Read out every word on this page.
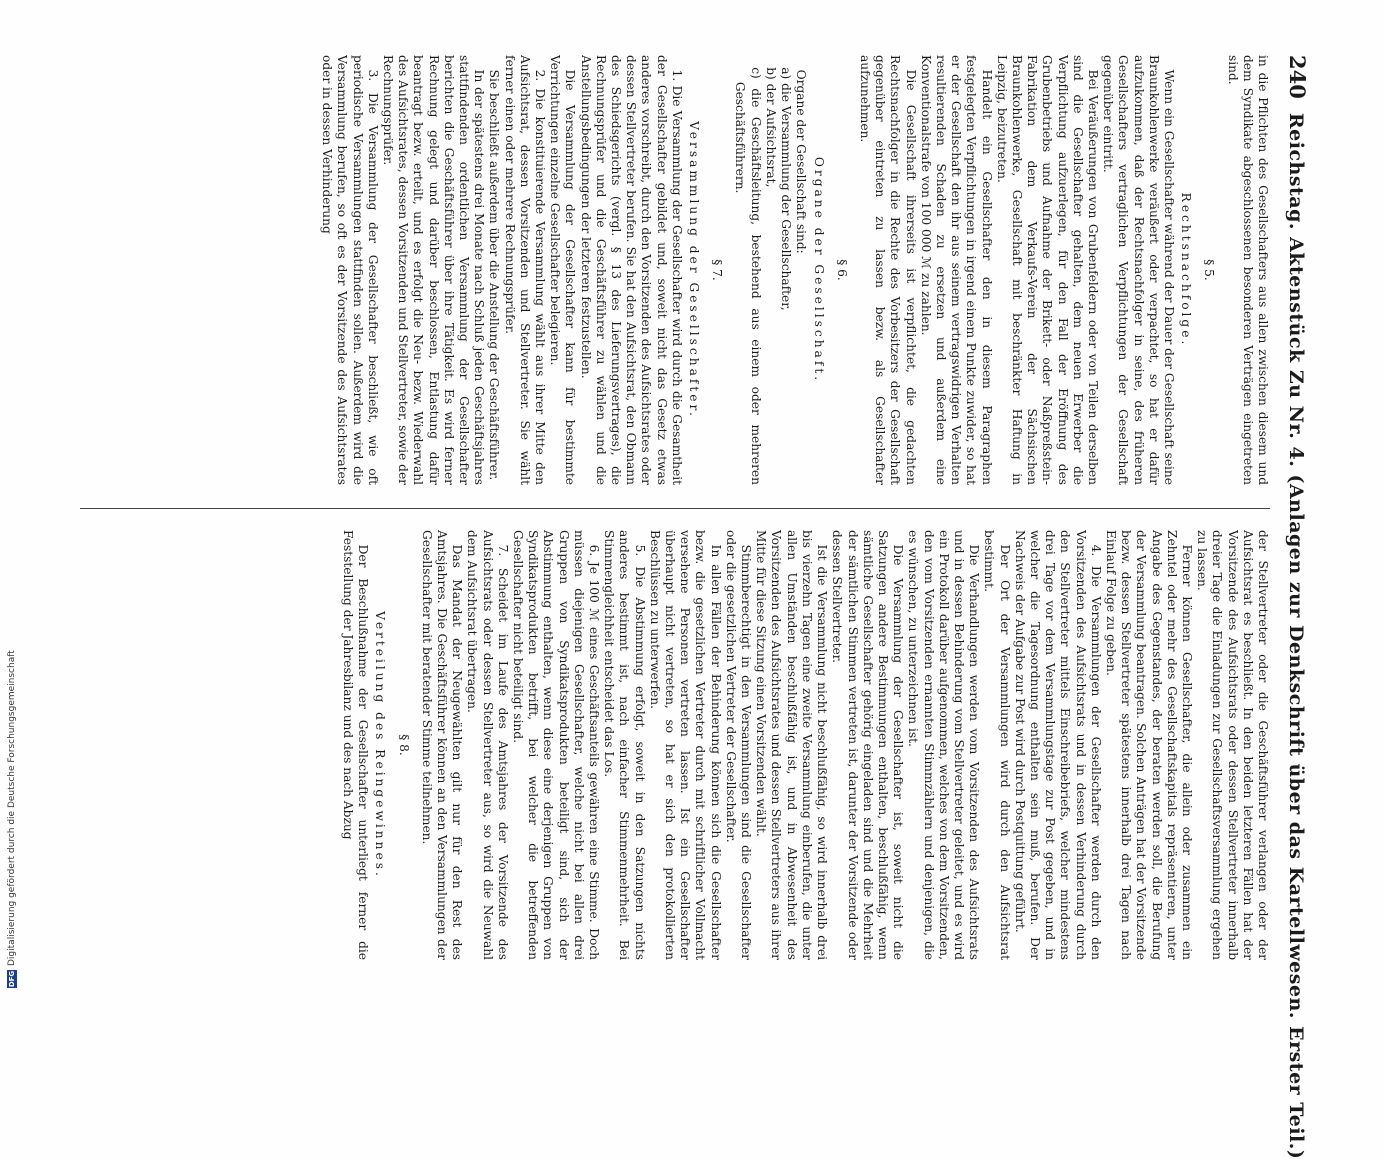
240
Reichstag. Aktenstück Zu Nr. 4. (Anlagen zur Denkschrift über das Kartellwesen. Erster Teil.)

in die Pflichten des Gesellschafters aus allen zwischen diesem und dem Syndikate abgeschlossenen besonderen Verträgen eingetreten sind.

§ 5.
Rechtsnachfolge.

Wenn ein Gesellschafter während der Dauer der Gesellschaft seine Braunkohlenwerke veräußert oder verpachtet, so hat er dafür aufzukommen, daß der Rechtsnachfolger in seine, des früheren Gesellschafters vertraglichen Verpflichtungen der Gesellschaft gegenüber eintritt.

Bei Veräußerungen von Grubenfeldern oder von Teilen derselben sind die Gesellschafter gehalten, dem neuen Erwerber die Verpflichtung aufzuerlegen, für den Fall der Eröffnung des Grubenbetriebs und Aufnahme der Brikett- oder Naßpreßstein-Fabrikation dem Verkaufs-Verein der Sächsischen Braunkohlenwerke, Gesellschaft mit beschränkter Haftung in Leipzig, beizutreten.

Handelt ein Gesellschafter den in diesem Paragraphen festgelegten Verpflichtungen in irgend einem Punkte zuwider, so hat er der Gesellschaft den ihr aus seinem vertragswidrigen Verhalten resultierenden Schaden zu ersetzen und außerdem eine Konventionalstrafe von 100 000 ℳ zu zahlen.

Die Gesellschaft ihrerseits ist verpflichtet, die gedachten Rechtsnachfolger in die Rechte des Vorbesitzers der Gesellschaft gegenüber eintreten zu lassen bezw. als Gesellschafter aufzunehmen.

§ 6.
Organe der Gesellschaft.

Organe der Gesellschaft sind:

a) die Versammlung der Gesellschafter,

b) der Aufsichtsrat,

c) die Geschäftsleitung, bestehend aus einem oder mehreren Geschäftsführern.

§ 7.
Versammlung der Gesellschafter.

1. Die Versammlung der Gesellschafter wird durch die Gesamtheit der Gesellschafter gebildet und, soweit nicht das Gesetz etwas anderes vorschreibt, durch den Vorsitzenden des Aufsichtsrates oder dessen Stellvertreter berufen. Sie hat den Aufsichtsrat, den Obmann des Schiedsgerichts (vergl. § 13 des Lieferungsvertrages), die Rechnungsprüfer und die Geschäftsführer zu wählen und die Anstellungsbedingungen der letzteren festzustellen.

Die Versammlung der Gesellschafter kann für bestimmte Verrichtungen einzelne Gesellschafter belegieren.

2. Die konstituierende Versammlung wählt aus ihrer Mitte den Aufsichtsrat, dessen Vorsitzenden und Stellvertreter. Sie wählt ferner einen oder mehrere Rechnungsprüfer.

Sie beschließt außerdem über die Anstellung der Geschäftsführer.

In der spätestens drei Monate nach Schluß jeden Geschäftsjahres stattfindenden ordentlichen Versammlung der Gesellschafter berichten die Geschäftsführer über ihre Tätigkeit. Es wird ferner Rechnung gelegt und darüber beschlossen, Entlastung dafür beantragt bezw. erteilt, und es erfolgt die Neu- bezw. Wiederwahl des Aufsichtsrates, dessen Vorsitzenden und Stellvertreter, sowie der Rechnungsprüfer.

3. Die Versammlung der Gesellschafter beschließt, wie oft periodische Versammlungen stattfinden sollen. Außerdem wird die Versammlung berufen, so oft es der Vorsitzende des Aufsichtsrates oder in dessen Verhinderung

der Stellvertreter oder die Geschäftsführer verlangen oder der Aufsichtsrat es beschließt. In den beiden letzteren Fällen hat der Vorsitzende des Aufsichtsrats oder dessen Stellvertreter innerhalb dreier Tage die Einladungen zur Gesellschaftsversammlung ergehen zu lassen.

Ferner können Gesellschafter, die allein oder zusammen ein Zehntel oder mehr des Gesellschaftskapitals repräsentieren, unter Angabe des Gegenstandes, der beraten werden soll, die Berufung der Versammlung beantragen. Solchen Anträgen hat der Vorsitzende bezw. dessen Stellvertreter spätestens innerhalb drei Tagen nach Einlauf Folge zu geben.

4. Die Versammlungen der Gesellschafter werden durch den Vorsitzenden des Aufsichtsrats und in dessen Verhinderung durch den Stellvertreter mittels Einschreibebriefs, welcher mindestens drei Tage vor dem Versammlungstage zur Post gegeben, und in welcher die Tagesordnung enthalten sein muß, berufen. Der Nachweis der Aufgabe zur Post wird durch Postquittung geführt.

Der Ort der Versammlungen wird durch den Aufsichtsrat bestimmt.

Die Verhandlungen werden vom Vorsitzenden des Aufsichtsrats und in dessen Behinderung vom Stellvertreter geleitet, und es wird ein Protokoll darüber aufgenommen, welches von dem Vorsitzenden, den vom Vorsitzenden ernannten Stimmzählern und denjenigen, die es wünschen, zu unterzeichnen ist.

Die Versammlung der Gesellschafter ist, soweit nicht die Satzungen andere Bestimmungen enthalten, beschlußfähig, wenn sämtliche Gesellschafter gehörig eingeladen sind und die Mehrheit der sämtlichen Stimmen vertreten ist, darunter der Vorsitzende oder dessen Stellvertreter.

Ist die Versammlung nicht beschlußfähig, so wird innerhalb drei bis vierzehn Tagen eine zweite Versammlung einberufen, die unter allen Umständen beschlußfähig ist, und in Abwesenheit des Vorsitzenden des Aufsichtsrates und dessen Stellvertreters aus ihrer Mitte für diese Sitzung einen Vorsitzenden wählt.

Stimmberechtigt in den Versammlungen sind die Gesellschafter oder die gesetzlichen Vertreter der Gesellschafter.

In allen Fällen der Behinderung können sich die Gesellschafter bezw. die gesetzlichen Vertreter durch mit schriftlicher Vollmacht versehene Personen vertreten lassen. Ist ein Gesellschafter überhaupt nicht vertreten, so hat er sich den protokollierten Beschlüssen zu unterwerfen.

5. Die Abstimmung erfolgt, soweit in den Satzungen nichts anderes bestimmt ist, nach einfacher Stimmenmehrheit. Bei Stimmengleichheit entscheidet das Los.

6. Je 100 ℳ eines Geschäftsanteils gewähren eine Stimme. Doch müssen diejenigen Gesellschafter, welche nicht bei allen drei Gruppen von Syndikatsprodukten beteiligt sind, sich der Abstimmung enthalten, wenn diese eine derjenigen Gruppen von Syndikatsprodukten betrifft, bei welcher die betreffenden Gesellschafter nicht beteiligt sind.

7. Scheidet im Laufe des Amtsjahres der Vorsitzende des Aufsichtsrats oder dessen Stellvertreter aus, so wird die Neuwahl dem Aufsichtsrat übertragen.

Das Mandat der Neugewählten gilt nur für den Rest des Amtsjahres. Die Geschäftsführer können an den Versammlungen der Gesellschafter mit beratender Stimme teilnehmen.

§ 8.
Verteilung des Reingewinnes.

Der Beschlußnahme der Gesellschafter unterliegt ferner die Feststellung der Jahresbilanz und des nach Abzug

DFG
Digitalisierung gefördert durch die Deutsche Forschungsgemeinschaft
